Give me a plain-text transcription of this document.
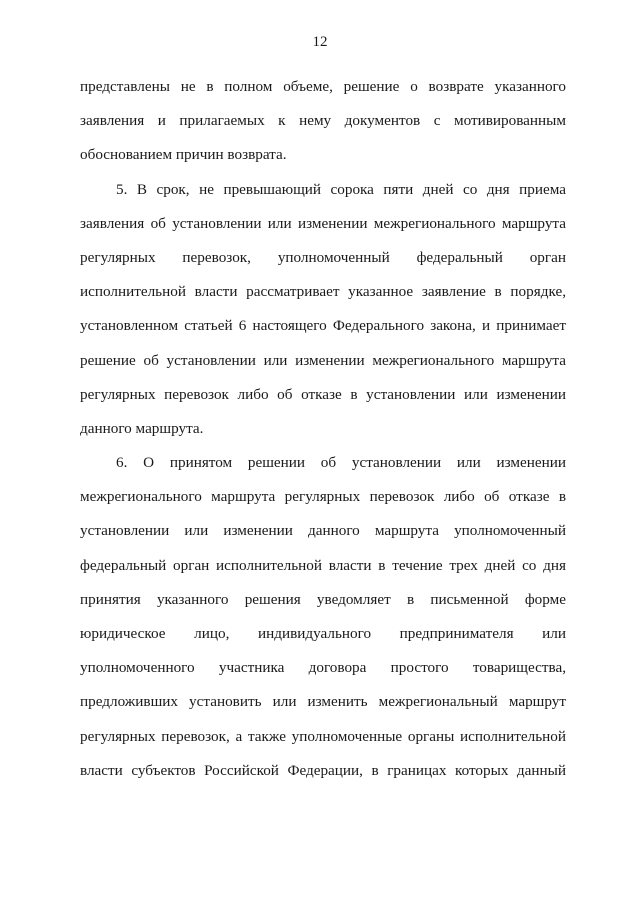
12
представлены не в полном объеме, решение о возврате указанного
заявления и прилагаемых к нему документов с мотивированным
обоснованием причин возврата.
5. В срок, не превышающий сорока пяти дней со дня приема
заявления об установлении или изменении межрегионального маршрута
регулярных перевозок, уполномоченный федеральный орган
исполнительной власти рассматривает указанное заявление в порядке,
установленном статьей 6 настоящего Федерального закона, и принимает
решение об установлении или изменении межрегионального маршрута
регулярных перевозок либо об отказе в установлении или изменении
данного маршрута.
6. О принятом решении об установлении или изменении
межрегионального маршрута регулярных перевозок либо об отказе в
установлении или изменении данного маршрута уполномоченный
федеральный орган исполнительной власти в течение трех дней со дня
принятия указанного решения уведомляет в письменной форме
юридическое лицо, индивидуального предпринимателя или
уполномоченного участника договора простого товарищества,
предложивших установить или изменить межрегиональный маршрут
регулярных перевозок, а также уполномоченные органы исполнительной
власти субъектов Российской Федерации, в границах которых данный
